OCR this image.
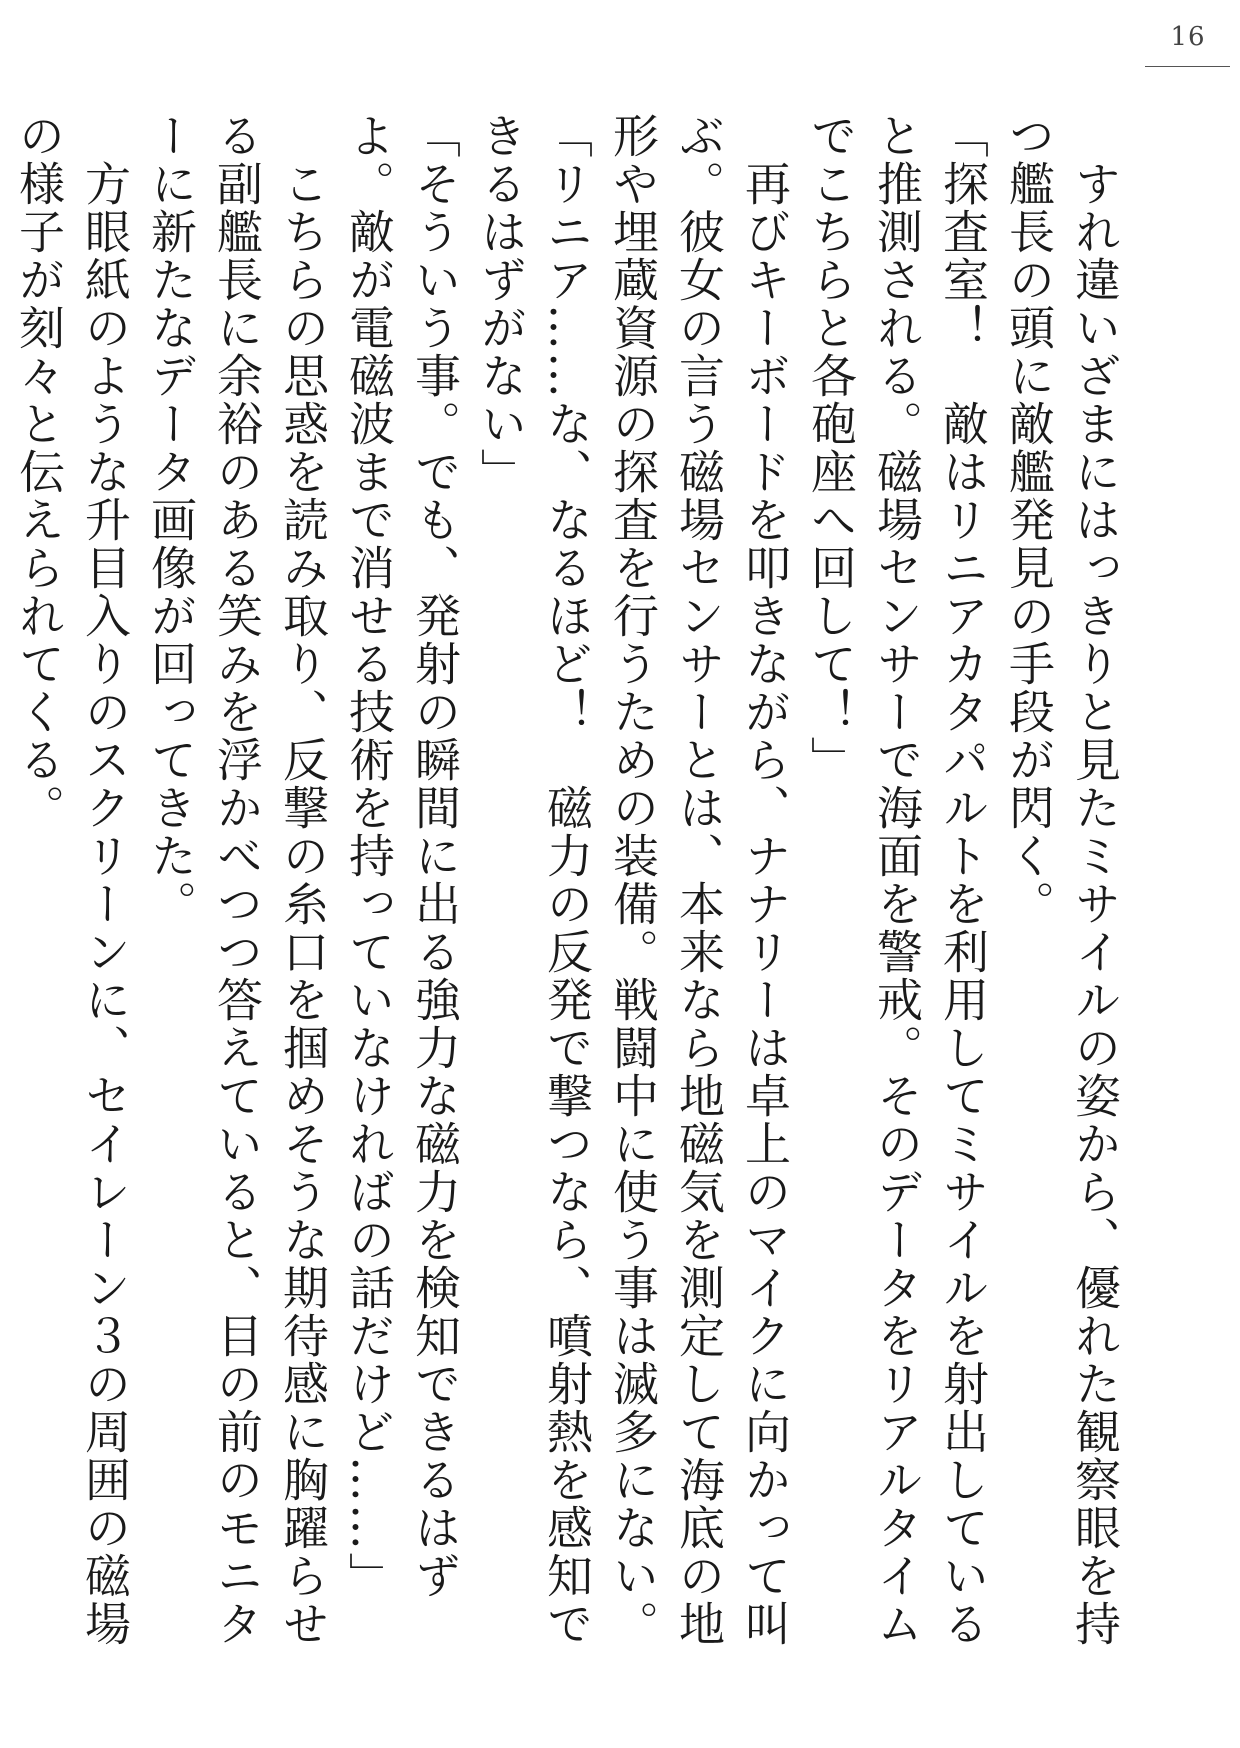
16

　すれ違いざまにはっきりと見たミサイルの姿から、優れた観察眼を持つ艦長の頭に敵艦発見の手段が閃く。

「探査室！　敵はリニアカタパルトを利用してミサイルを射出していると推測される。磁場センサーで海面を警戒。そのデータをリアルタイムでこちらと各砲座へ回して！」

　再びキーボードを叩きながら、ナナリーは卓上のマイクに向かって叫ぶ。彼女の言う磁場センサーとは、本来なら地磁気を測定して海底の地形や埋蔵資源の探査を行うための装備。戦闘中に使う事は滅多にない。

「リニア……な、なるほど！　磁力の反発で撃つなら、噴射熱を感知できるはずがない」

「そういう事。でも、発射の瞬間に出る強力な磁力を検知できるはずよ。敵が電磁波まで消せる技術を持っていなければの話だけど……」

　こちらの思惑を読み取り、反撃の糸口を掴めそうな期待感に胸躍らせる副艦長に余裕のある笑みを浮かべつつ答えていると、目の前のモニターに新たなデータ画像が回ってきた。

　方眼紙のような升目入りのスクリーンに、セイレーン３の周囲の磁場の様子が刻々と伝えられてくる。
